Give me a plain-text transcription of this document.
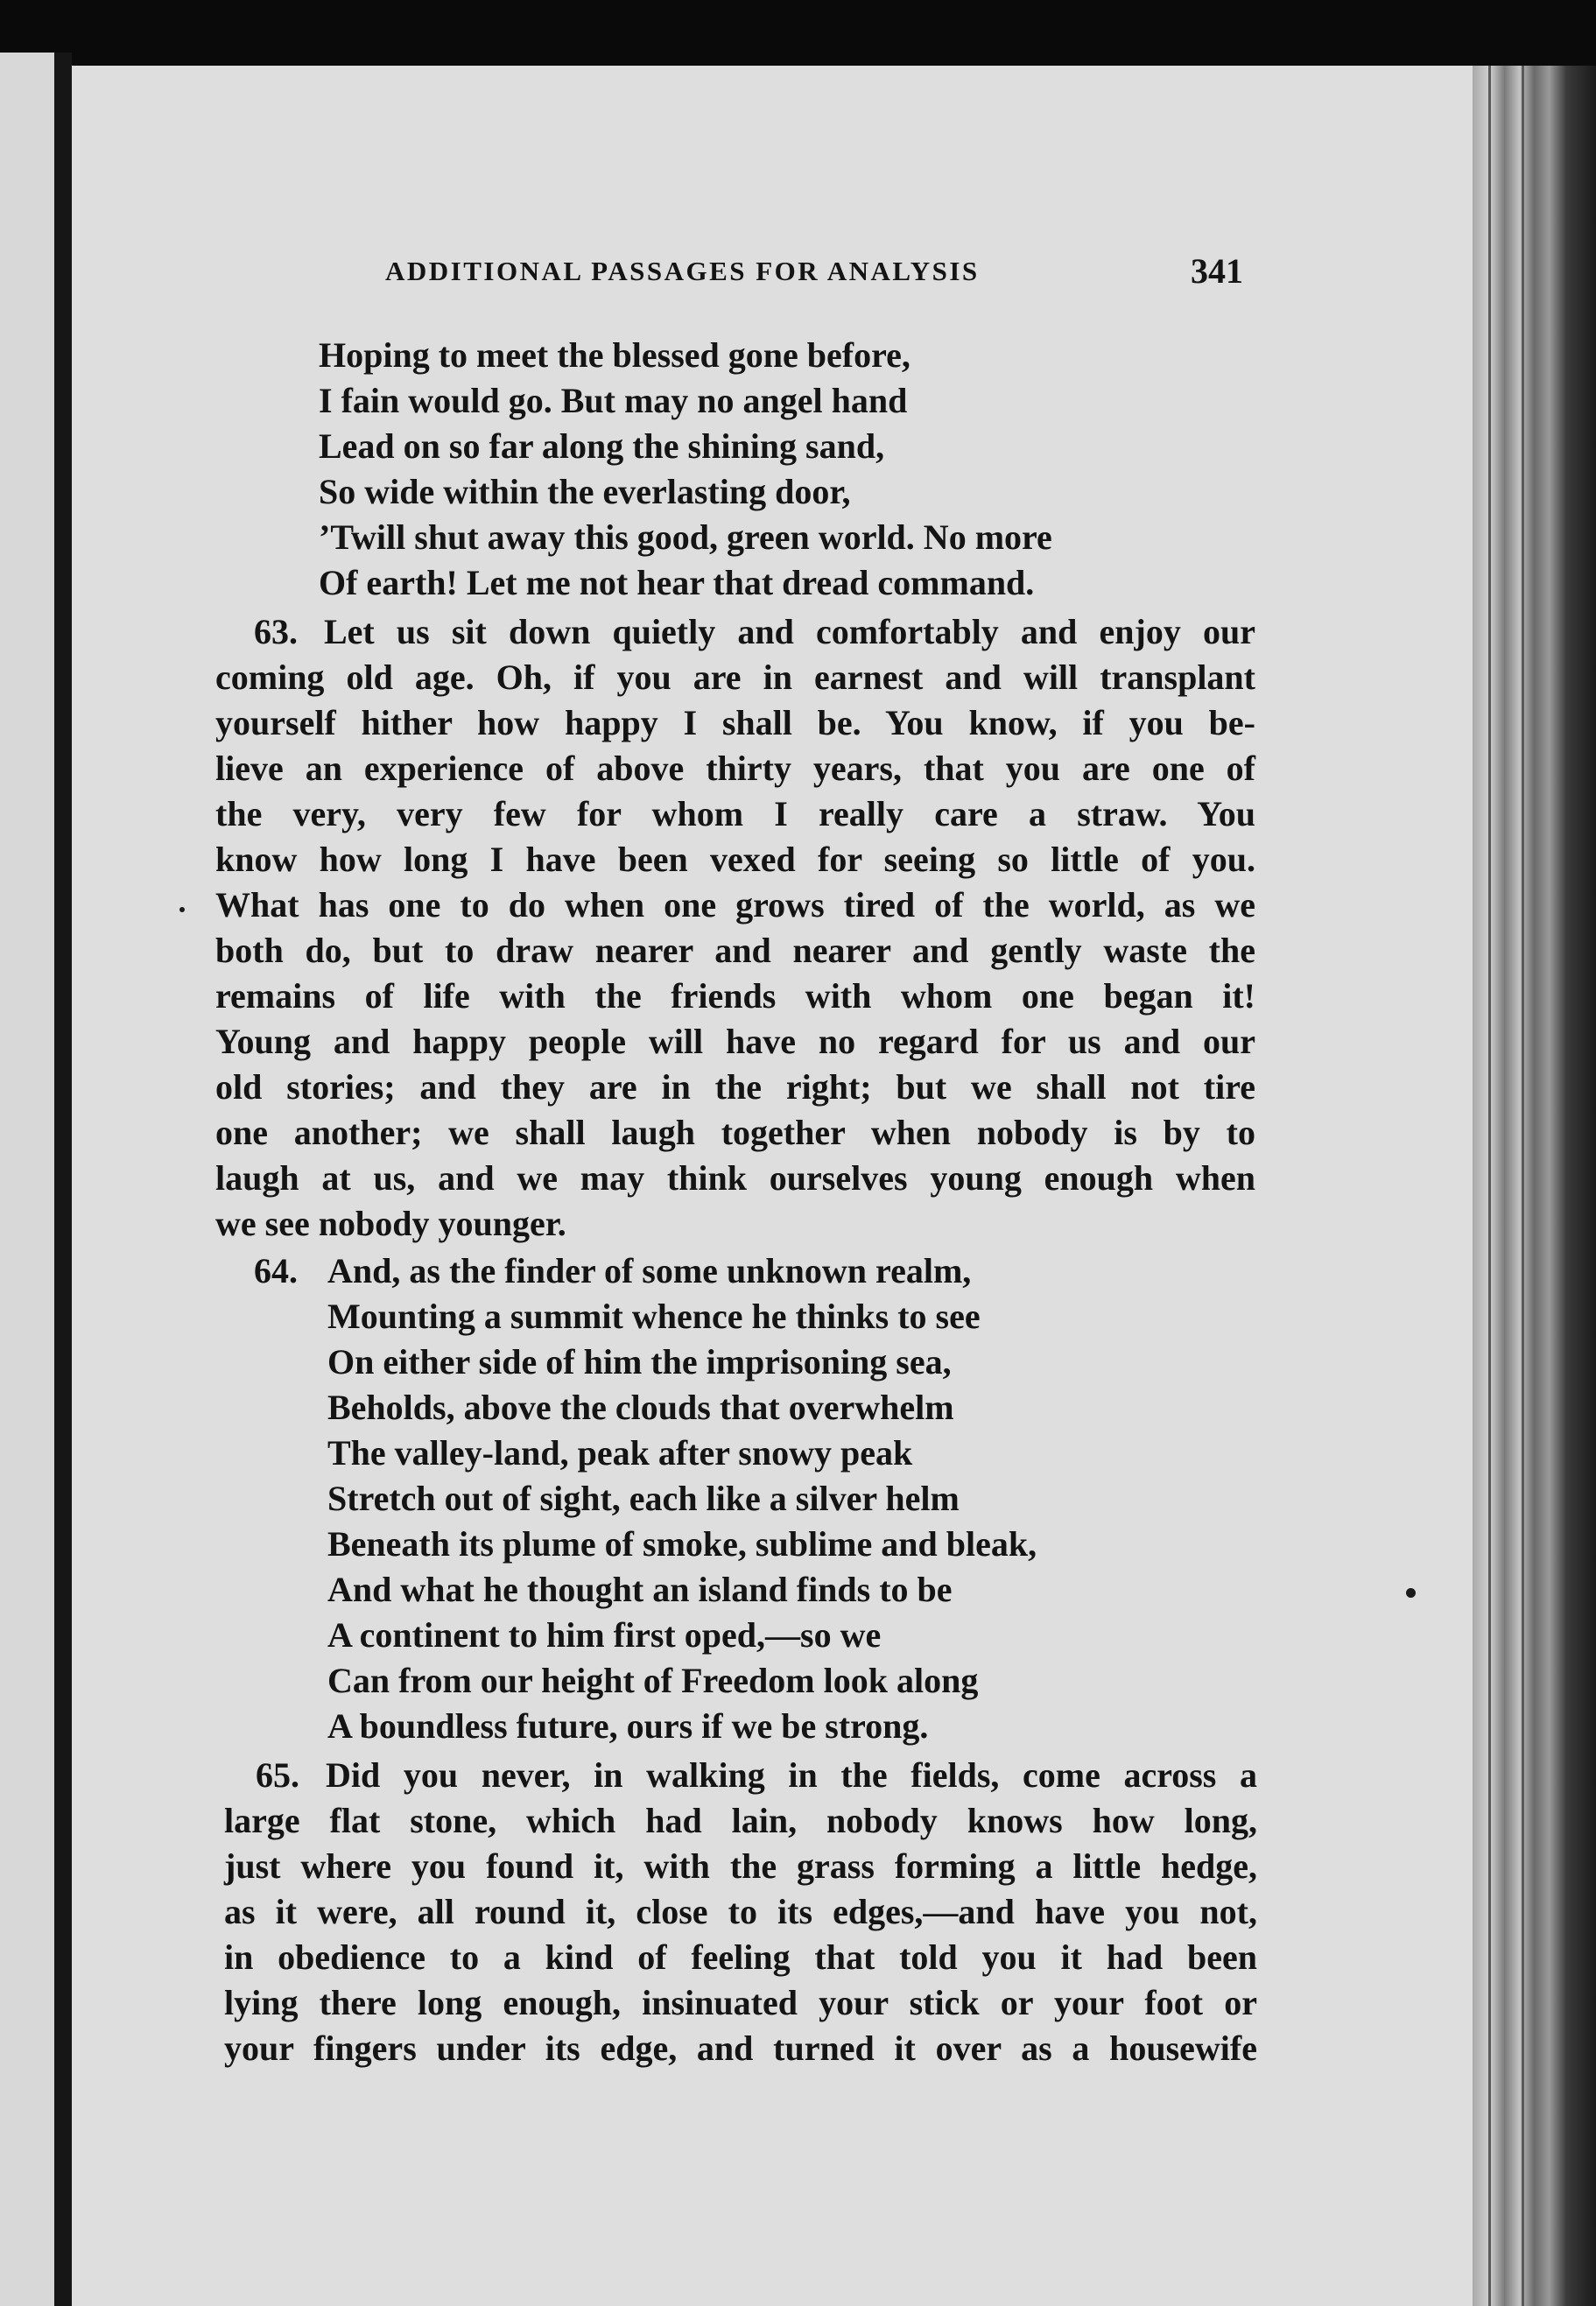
ADDITIONAL PASSAGES FOR ANALYSIS	341
Hoping to meet the blessed gone before,
I fain would go. But may no angel hand
Lead on so far along the shining sand,
So wide within the everlasting door,
’Twill shut away this good, green world. No more
Of earth! Let me not hear that dread command.
63. Let us sit down quietly and comfortably and enjoy our
coming old age. Oh, if you are in earnest and will transplant
yourself hither how happy I shall be. You know, if you be-
lieve an experience of above thirty years, that you are one of
the very, very few for whom I really care a straw. You
know how long I have been vexed for seeing so little of you.
What has one to do when one grows tired of the world, as we
both do, but to draw nearer and nearer and gently waste the
remains of life with the friends with whom one began it!
Young and happy people will have no regard for us and our
old stories; and they are in the right; but we shall not tire
one another; we shall laugh together when nobody is by to
laugh at us, and we may think ourselves young enough when
we see nobody younger.
64. And, as the finder of some unknown realm,
Mounting a summit whence he thinks to see
On either side of him the imprisoning sea,
Beholds, above the clouds that overwhelm
The valley-land, peak after snowy peak
Stretch out of sight, each like a silver helm
Beneath its plume of smoke, sublime and bleak,
And what he thought an island finds to be
A continent to him first oped,—so we
Can from our height of Freedom look along
A boundless future, ours if we be strong.
65. Did you never, in walking in the fields, come across a
large flat stone, which had lain, nobody knows how long,
just where you found it, with the grass forming a little hedge,
as it were, all round it, close to its edges,—and have you not,
in obedience to a kind of feeling that told you it had been
lying there long enough, insinuated your stick or your foot or
your fingers under its edge, and turned it over as a housewife
